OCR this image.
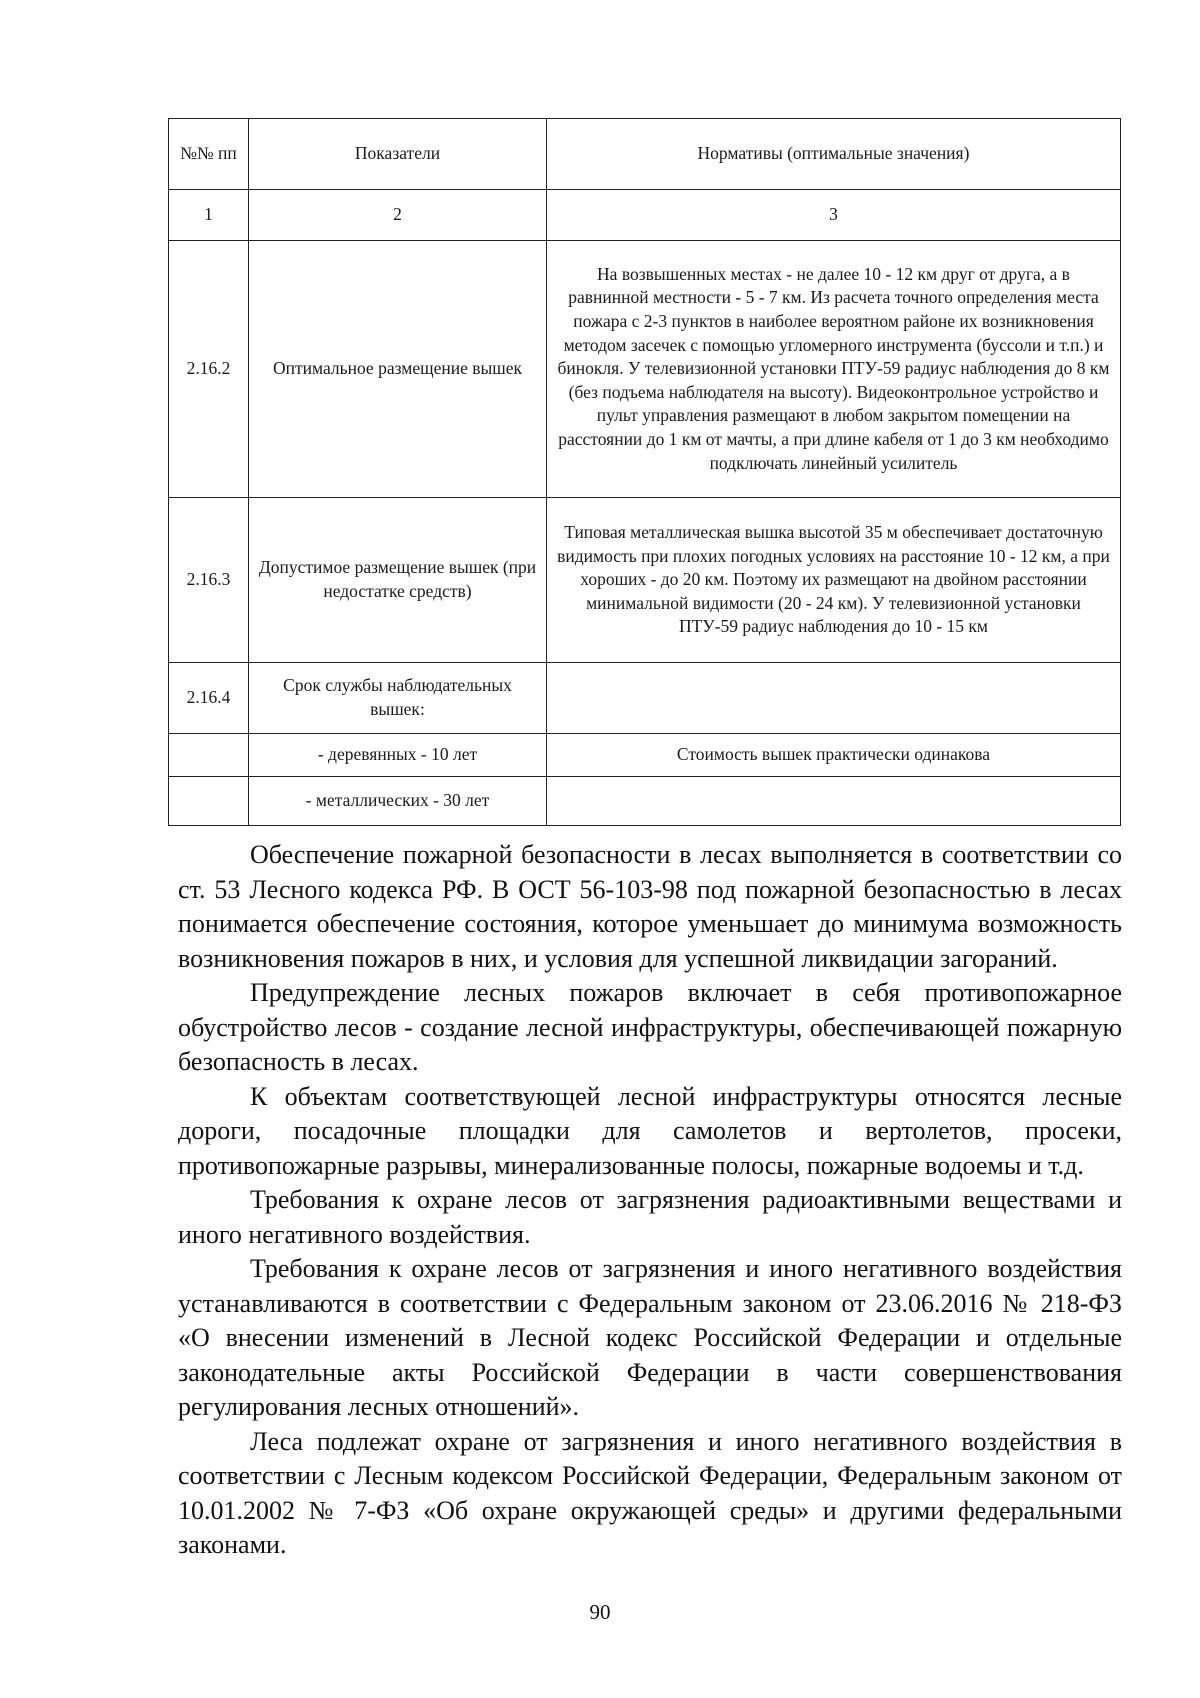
№№ пп	Показатели	Нормативы (оптимальные значения)
1	2	3
2.16.2	Оптимальное размещение вышек	На возвышенных местах - не далее 10 - 12 км друг от друга, а в равнинной местности - 5 - 7 км. Из расчета точного определения места пожара с 2-3 пунктов в наиболее вероятном районе их возникновения методом засечек с помощью угломерного инструмента (буссоли и т.п.) и бинокля. У телевизионной установки ПТУ-59 радиус наблюдения до 8 км (без подъема наблюдателя на высоту). Видеоконтрольное устройство и пульт управления размещают в любом закрытом помещении на расстоянии до 1 км от мачты, а при длине кабеля от 1 до 3 км необходимо подключать линейный усилитель

2.16.3	Допустимое размещение вышек (при недостатке средств)	Типовая металлическая вышка высотой 35 м обеспечивает достаточную видимость при плохих погодных условиях на расстояние 10 - 12 км, а при хороших - до 20 км. Поэтому их размещают на двойном расстоянии минимальной видимости (20 - 24 км). У телевизионной установки ПТУ-59 радиус наблюдения до 10 - 15 км

2.16.4	Срок службы наблюдательных вышек:	
	- деревянных - 10 лет	Стоимость вышек практически одинакова
	- металлических - 30 лет	

Обеспечение пожарной безопасности в лесах выполняется в соответствии со ст. 53 Лесного кодекса РФ. В ОСТ 56-103-98 под пожарной безопасностью в лесах понимается обеспечение состояния, которое уменьшает до минимума возможность возникновения пожаров в них, и условия для успешной ликвидации загораний.

Предупреждение лесных пожаров включает в себя противопожарное обустройство лесов - создание лесной инфраструктуры, обеспечивающей пожарную безопасность в лесах.

К объектам соответствующей лесной инфраструктуры относятся лесные дороги, посадочные площадки для самолетов и вертолетов, просеки, противопожарные разрывы, минерализованные полосы, пожарные водоемы и т.д.

Требования к охране лесов от загрязнения радиоактивными веществами и иного негативного воздействия.

Требования к охране лесов от загрязнения и иного негативного воздействия устанавливаются в соответствии с Федеральным законом от 23.06.2016 № 218-ФЗ «О внесении изменений в Лесной кодекс Российской Федерации и отдельные законодательные акты Российской Федерации в части совершенствования регулирования лесных отношений».

Леса подлежат охране от загрязнения и иного негативного воздействия в соответствии с Лесным кодексом Российской Федерации, Федеральным законом от 10.01.2002 № 7-ФЗ «Об охране окружающей среды» и другими федеральными законами.

90
